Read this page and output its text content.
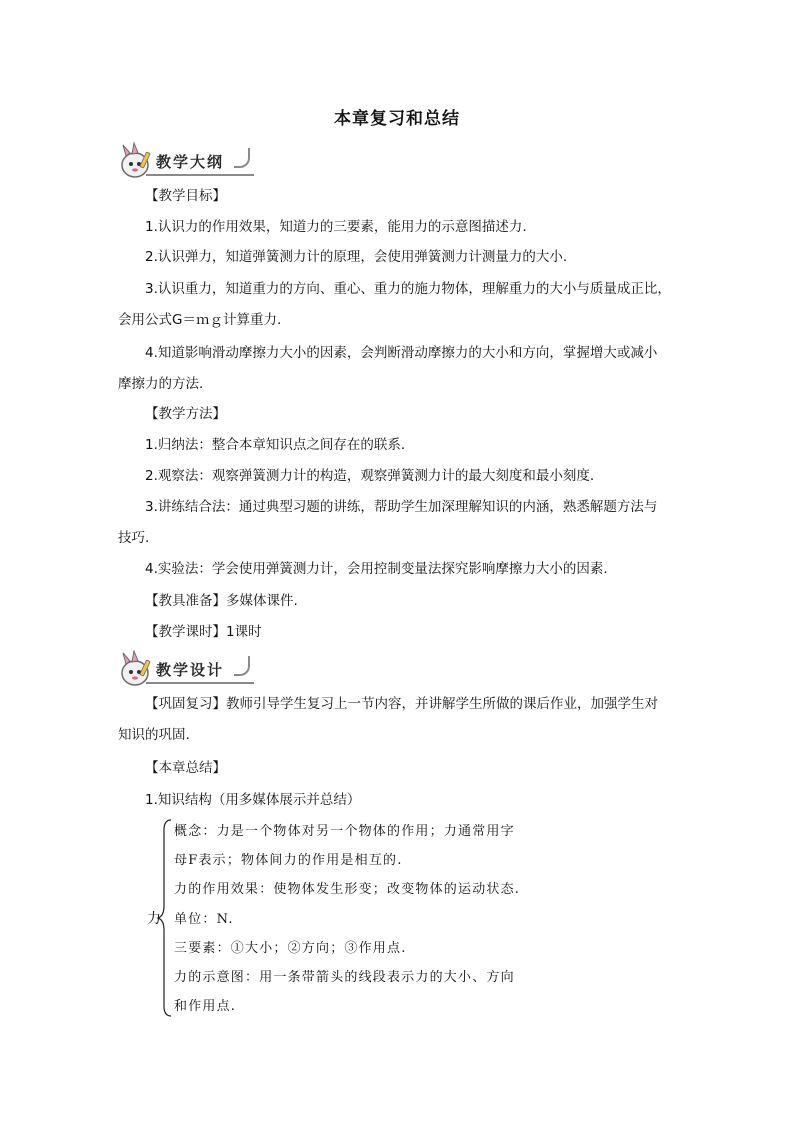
本章复习和总结
教学大纲
【教学目标】
1.认识力的作用效果，知道力的三要素，能用力的示意图描述力.
2.认识弹力，知道弹簧测力计的原理，会使用弹簧测力计测量力的大小.
3.认识重力，知道重力的方向、重心、重力的施力物体，理解重力的大小与质量成正比，
会用公式G＝ｍｇ计算重力.
4.知道影响滑动摩擦力大小的因素，会判断滑动摩擦力的大小和方向，掌握增大或减小
摩擦力的方法.
【教学方法】
1.归纳法：整合本章知识点之间存在的联系.
2.观察法：观察弹簧测力计的构造，观察弹簧测力计的最大刻度和最小刻度.
3.讲练结合法：通过典型习题的讲练，帮助学生加深理解知识的内涵，熟悉解题方法与
技巧.
4.实验法：学会使用弹簧测力计，会用控制变量法探究影响摩擦力大小的因素.
【教具准备】多媒体课件.
【教学课时】1课时
教学设计
【巩固复习】教师引导学生复习上一节内容，并讲解学生所做的课后作业，加强学生对
知识的巩固.
【本章总结】
1.知识结构（用多媒体展示并总结）
力
概念：力是一个物体对另一个物体的作用；力通常用字
母F表示；物体间力的作用是相互的.
力的作用效果：使物体发生形变；改变物体的运动状态.
单位：N.
三要素：①大小；②方向；③作用点.
力的示意图：用一条带箭头的线段表示力的大小、方向
和作用点.
